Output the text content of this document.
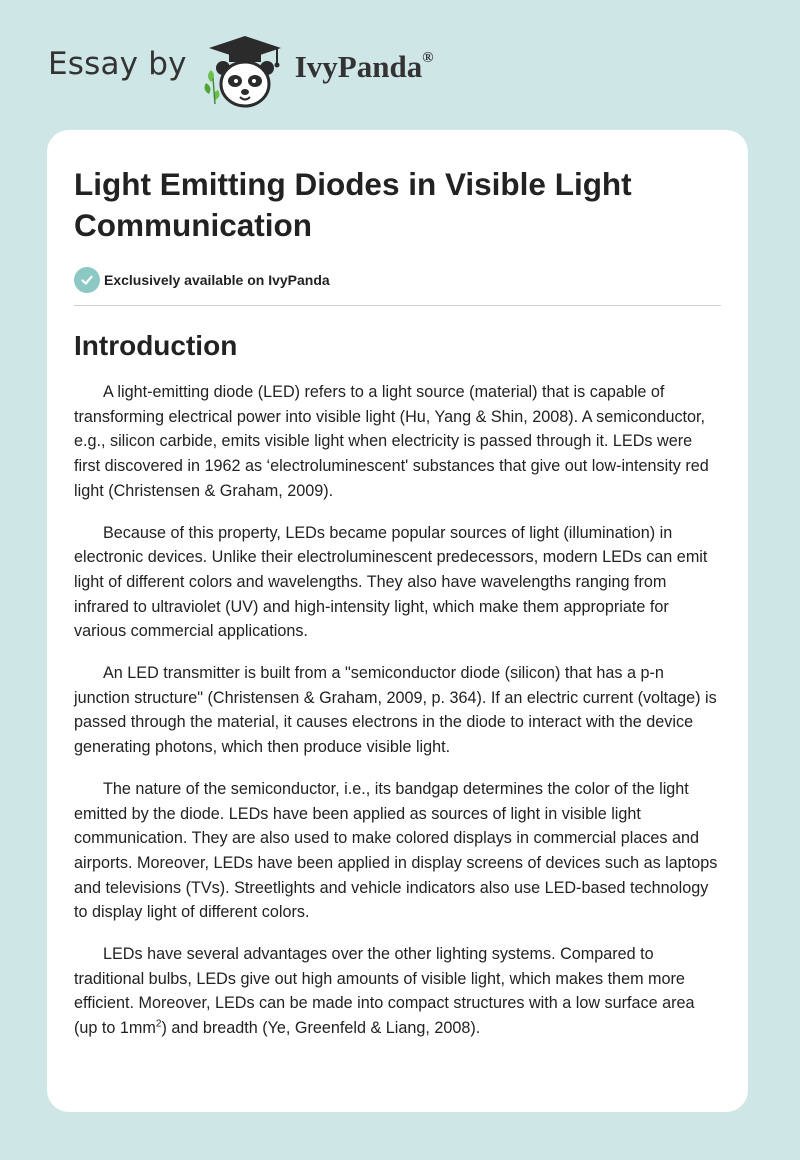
Essay by	IvyPanda®
Light Emitting Diodes in Visible Light Communication
Exclusively available on IvyPanda
Introduction

A light-emitting diode (LED) refers to a light source (material) that is capable of transforming electrical power into visible light (Hu, Yang & Shin, 2008). A semiconductor, e.g., silicon carbide, emits visible light when electricity is passed through it. LEDs were first discovered in 1962 as ‘electroluminescent' substances that give out low-intensity red light (Christensen & Graham, 2009).

Because of this property, LEDs became popular sources of light (illumination) in electronic devices. Unlike their electroluminescent predecessors, modern LEDs can emit light of different colors and wavelengths. They also have wavelengths ranging from infrared to ultraviolet (UV) and high-intensity light, which make them appropriate for various commercial applications.

An LED transmitter is built from a "semiconductor diode (silicon) that has a p-n junction structure" (Christensen & Graham, 2009, p. 364). If an electric current (voltage) is passed through the material, it causes electrons in the diode to interact with the device generating photons, which then produce visible light.

The nature of the semiconductor, i.e., its bandgap determines the color of the light emitted by the diode. LEDs have been applied as sources of light in visible light communication. They are also used to make colored displays in commercial places and airports. Moreover, LEDs have been applied in display screens of devices such as laptops and televisions (TVs). Streetlights and vehicle indicators also use LED-based technology to display light of different colors.

LEDs have several advantages over the other lighting systems. Compared to traditional bulbs, LEDs give out high amounts of visible light, which makes them more efficient. Moreover, LEDs can be made into compact structures with a low surface area (up to $1mm^2$) and breadth (Ye, Greenfeld & Liang, 2008).
